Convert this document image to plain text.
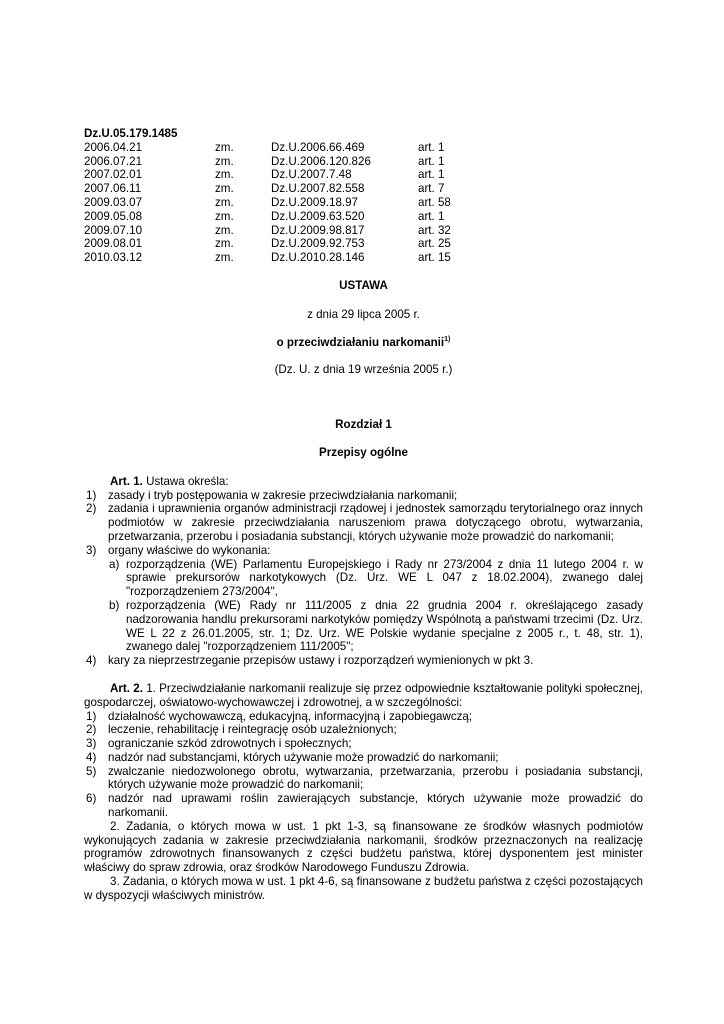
Dz.U.05.179.1485
2006.04.21	zm.	Dz.U.2006.66.469	art. 1
2006.07.21	zm.	Dz.U.2006.120.826	art. 1
2007.02.01	zm.	Dz.U.2007.7.48	art. 1
2007.06.11	zm.	Dz.U.2007.82.558	art. 7
2009.03.07	zm.	Dz.U.2009.18.97	art. 58
2009.05.08	zm.	Dz.U.2009.63.520	art. 1
2009.07.10	zm.	Dz.U.2009.98.817	art. 32
2009.08.01	zm.	Dz.U.2009.92.753	art. 25
2010.03.12	zm.	Dz.U.2010.28.146	art. 15
USTAWA
z dnia 29 lipca 2005 r.
o przeciwdziałaniu narkomanii$^{1)}$
(Dz. U. z dnia 19 września 2005 r.)
Rozdział 1
Przepisy ogólne
Art. 1. Ustawa określa:
1) zasady i tryb postępowania w zakresie przeciwdziałania narkomanii;
2) zadania i uprawnienia organów administracji rządowej i jednostek samorządu terytorialnego oraz innych podmiotów w zakresie przeciwdziałania naruszeniom prawa dotyczącego obrotu, wytwarzania, przetwarzania, przerobu i posiadania substancji, których używanie może prowadzić do narkomanii;
3) organy właściwe do wykonania:
a) rozporządzenia (WE) Parlamentu Europejskiego i Rady nr 273/2004 z dnia 11 lutego 2004 r. w sprawie prekursorów narkotykowych (Dz. Urz. WE L 047 z 18.02.2004), zwanego dalej "rozporządzeniem 273/2004",
b) rozporządzenia (WE) Rady nr 111/2005 z dnia 22 grudnia 2004 r. określającego zasady nadzorowania handlu prekursorami narkotyków pomiędzy Wspólnotą a państwami trzecimi (Dz. Urz. WE L 22 z 26.01.2005, str. 1; Dz. Urz. WE Polskie wydanie specjalne z 2005 r., t. 48, str. 1), zwanego dalej "rozporządzeniem 111/2005";
4) kary za nieprzestrzeganie przepisów ustawy i rozporządzeń wymienionych w pkt 3.
Art. 2. 1. Przeciwdziałanie narkomanii realizuje się przez odpowiednie kształtowanie polityki społecznej, gospodarczej, oświatowo-wychowawczej i zdrowotnej, a w szczególności:
1) działalność wychowawczą, edukacyjną, informacyjną i zapobiegawczą;
2) leczenie, rehabilitację i reintegrację osób uzależnionych;
3) ograniczanie szkód zdrowotnych i społecznych;
4) nadzór nad substancjami, których używanie może prowadzić do narkomanii;
5) zwalczanie niedozwolonego obrotu, wytwarzania, przetwarzania, przerobu i posiadania substancji, których używanie może prowadzić do narkomanii;
6) nadzór nad uprawami roślin zawierających substancje, których używanie może prowadzić do narkomanii.
2. Zadania, o których mowa w ust. 1 pkt 1-3, są finansowane ze środków własnych podmiotów wykonujących zadania w zakresie przeciwdziałania narkomanii, środków przeznaczonych na realizację programów zdrowotnych finansowanych z części budżetu państwa, której dysponentem jest minister właściwy do spraw zdrowia, oraz środków Narodowego Funduszu Zdrowia.
3. Zadania, o których mowa w ust. 1 pkt 4-6, są finansowane z budżetu państwa z części pozostających w dyspozycji właściwych ministrów.
